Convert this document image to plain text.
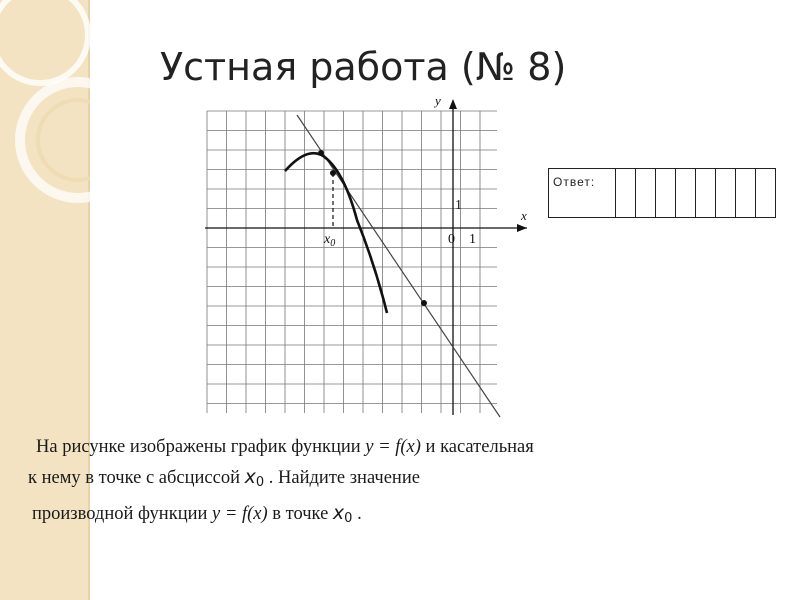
Устная работа (№ 8)
y
x
1
0 1
$x_0$
Ответ:								
На рисунке изображены график функции y = f(x) и касательная
к нему в точке с абсциссой $x_0$ . Найдите значение
производной функции y = f(x) в точке $x_0$ .
